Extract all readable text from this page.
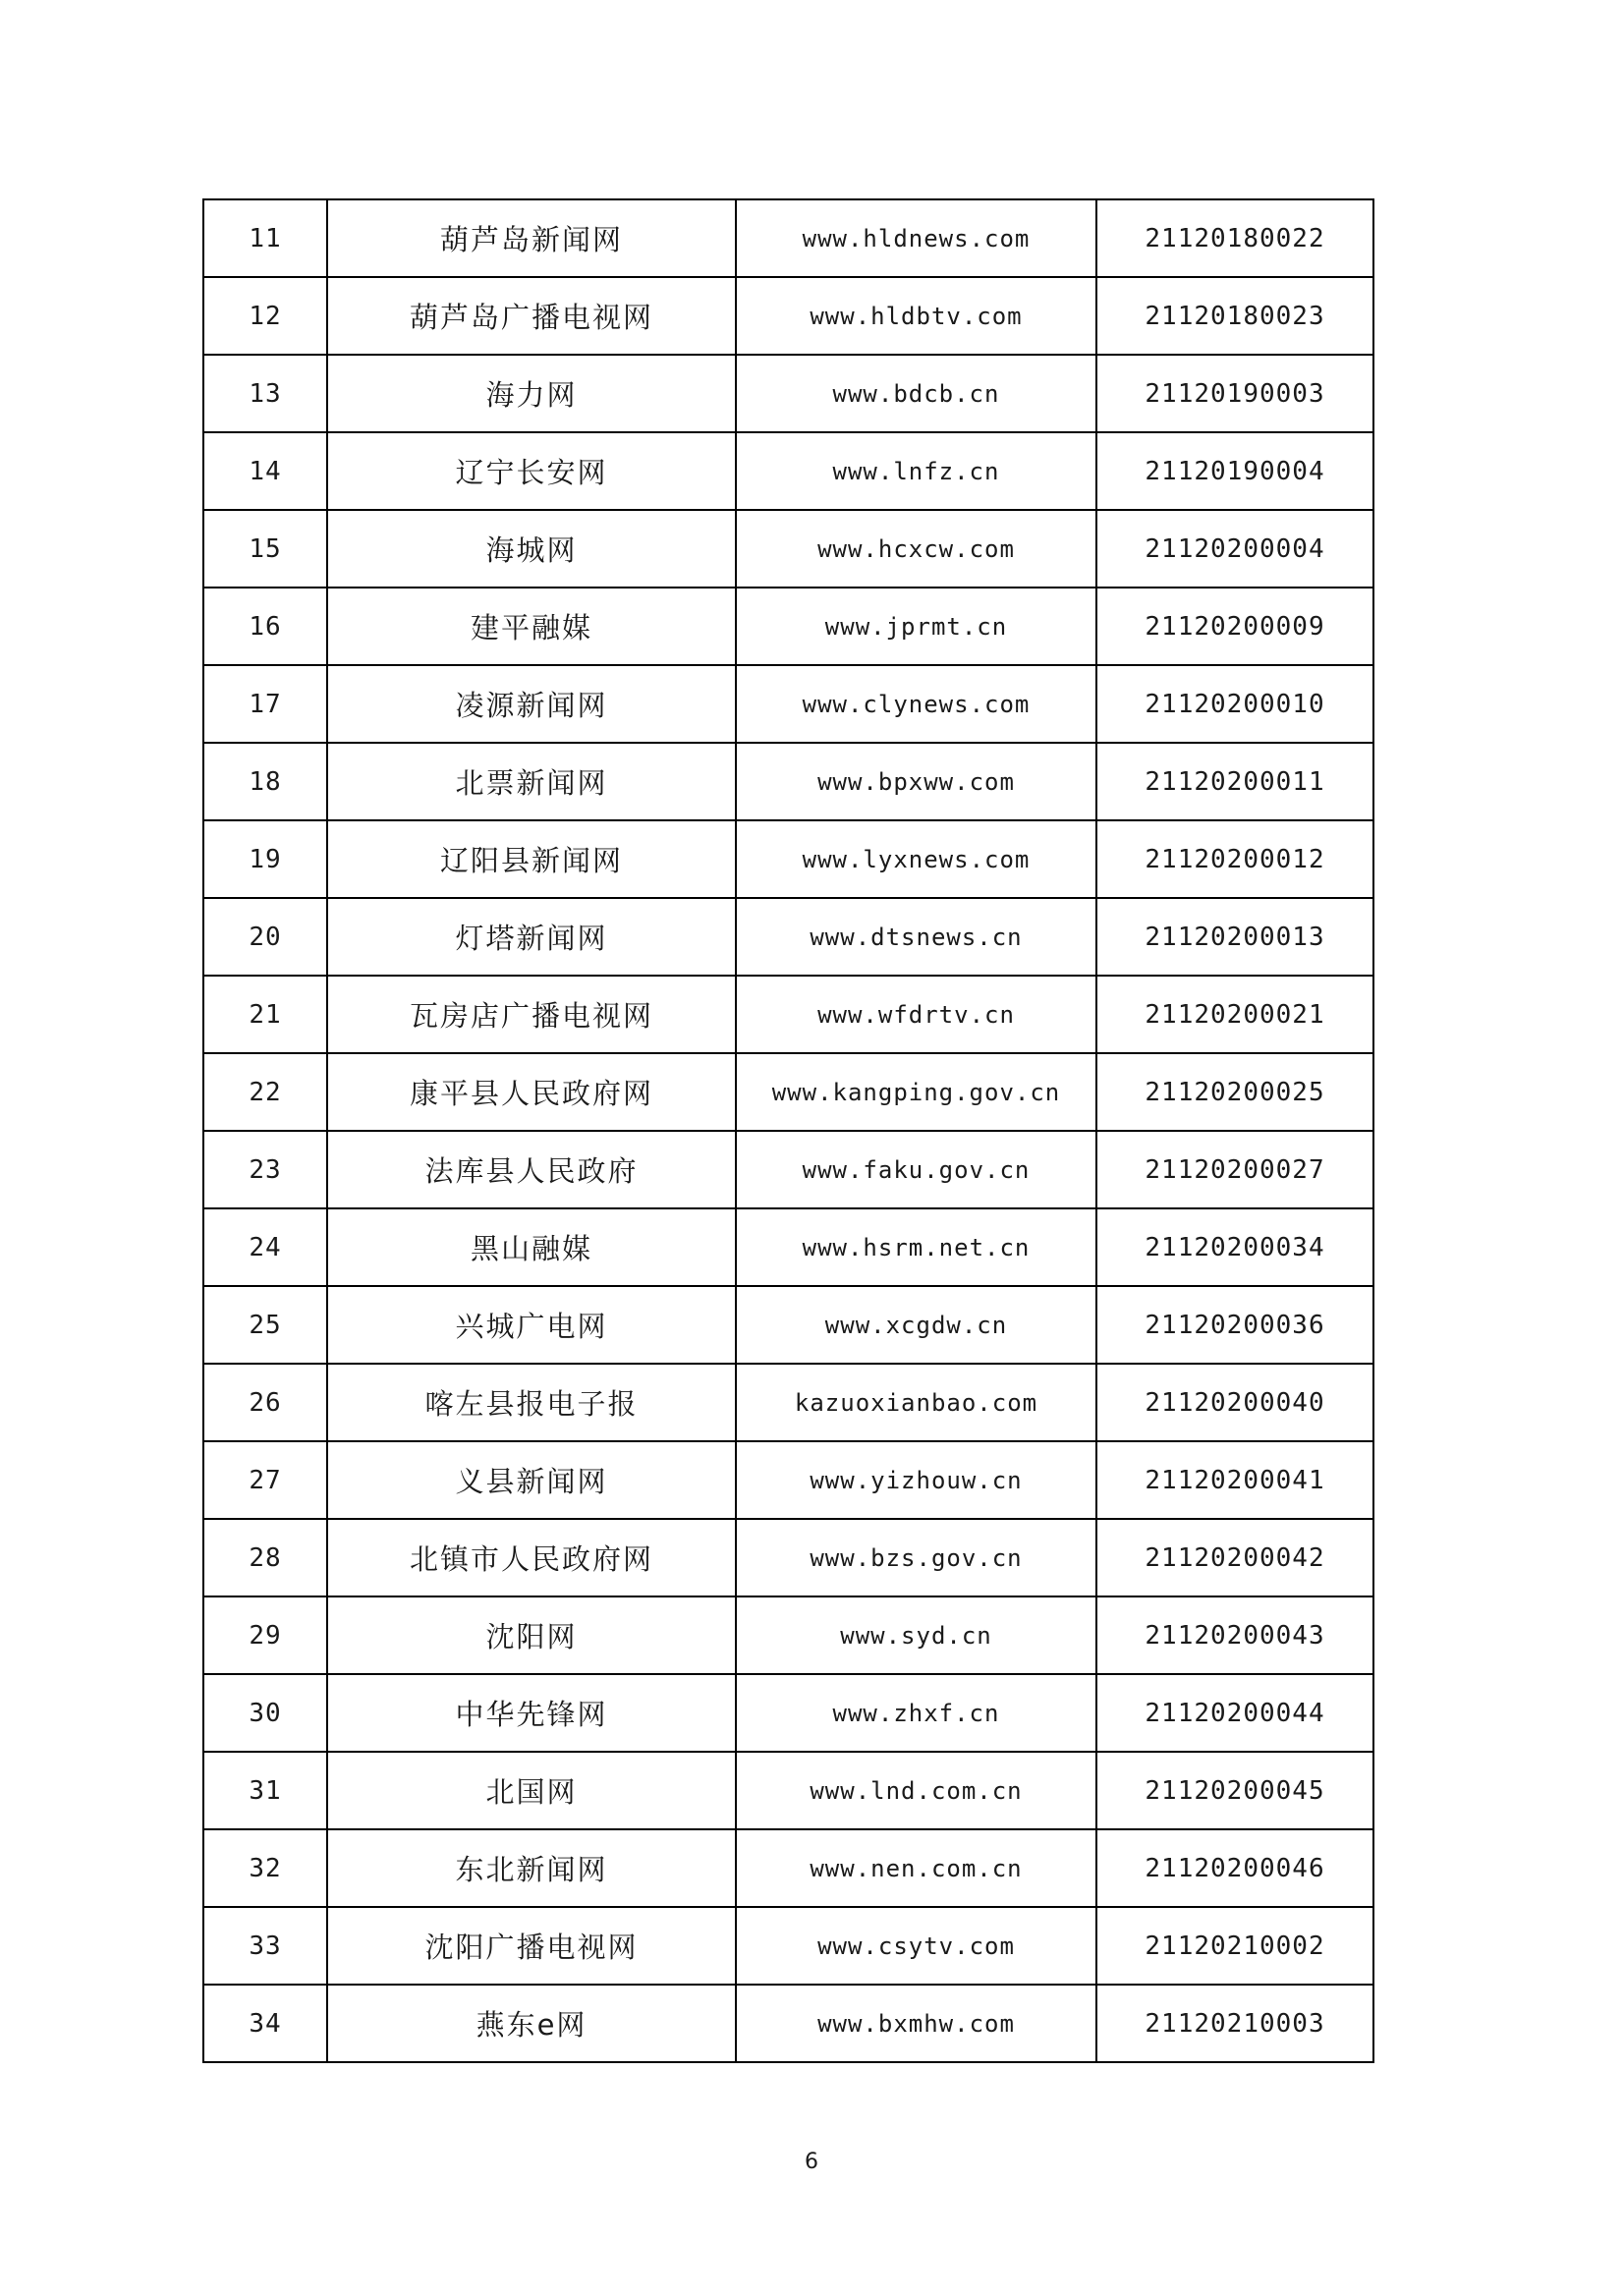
11	葫芦岛新闻网	www.hldnews.com	21120180022
12	葫芦岛广播电视网	www.hldbtv.com	21120180023
13	海力网	www.bdcb.cn	21120190003
14	辽宁长安网	www.lnfz.cn	21120190004
15	海城网	www.hcxcw.com	21120200004
16	建平融媒	www.jprmt.cn	21120200009
17	凌源新闻网	www.clynews.com	21120200010
18	北票新闻网	www.bpxww.com	21120200011
19	辽阳县新闻网	www.lyxnews.com	21120200012
20	灯塔新闻网	www.dtsnews.cn	21120200013
21	瓦房店广播电视网	www.wfdrtv.cn	21120200021
22	康平县人民政府网	www.kangping.gov.cn	21120200025
23	法库县人民政府	www.faku.gov.cn	21120200027
24	黑山融媒	www.hsrm.net.cn	21120200034
25	兴城广电网	www.xcgdw.cn	21120200036
26	喀左县报电子报	kazuoxianbao.com	21120200040
27	义县新闻网	www.yizhouw.cn	21120200041
28	北镇市人民政府网	www.bzs.gov.cn	21120200042
29	沈阳网	www.syd.cn	21120200043
30	中华先锋网	www.zhxf.cn	21120200044
31	北国网	www.lnd.com.cn	21120200045
32	东北新闻网	www.nen.com.cn	21120200046
33	沈阳广播电视网	www.csytv.com	21120210002
34	燕东e网	www.bxmhw.com	21120210003
6
